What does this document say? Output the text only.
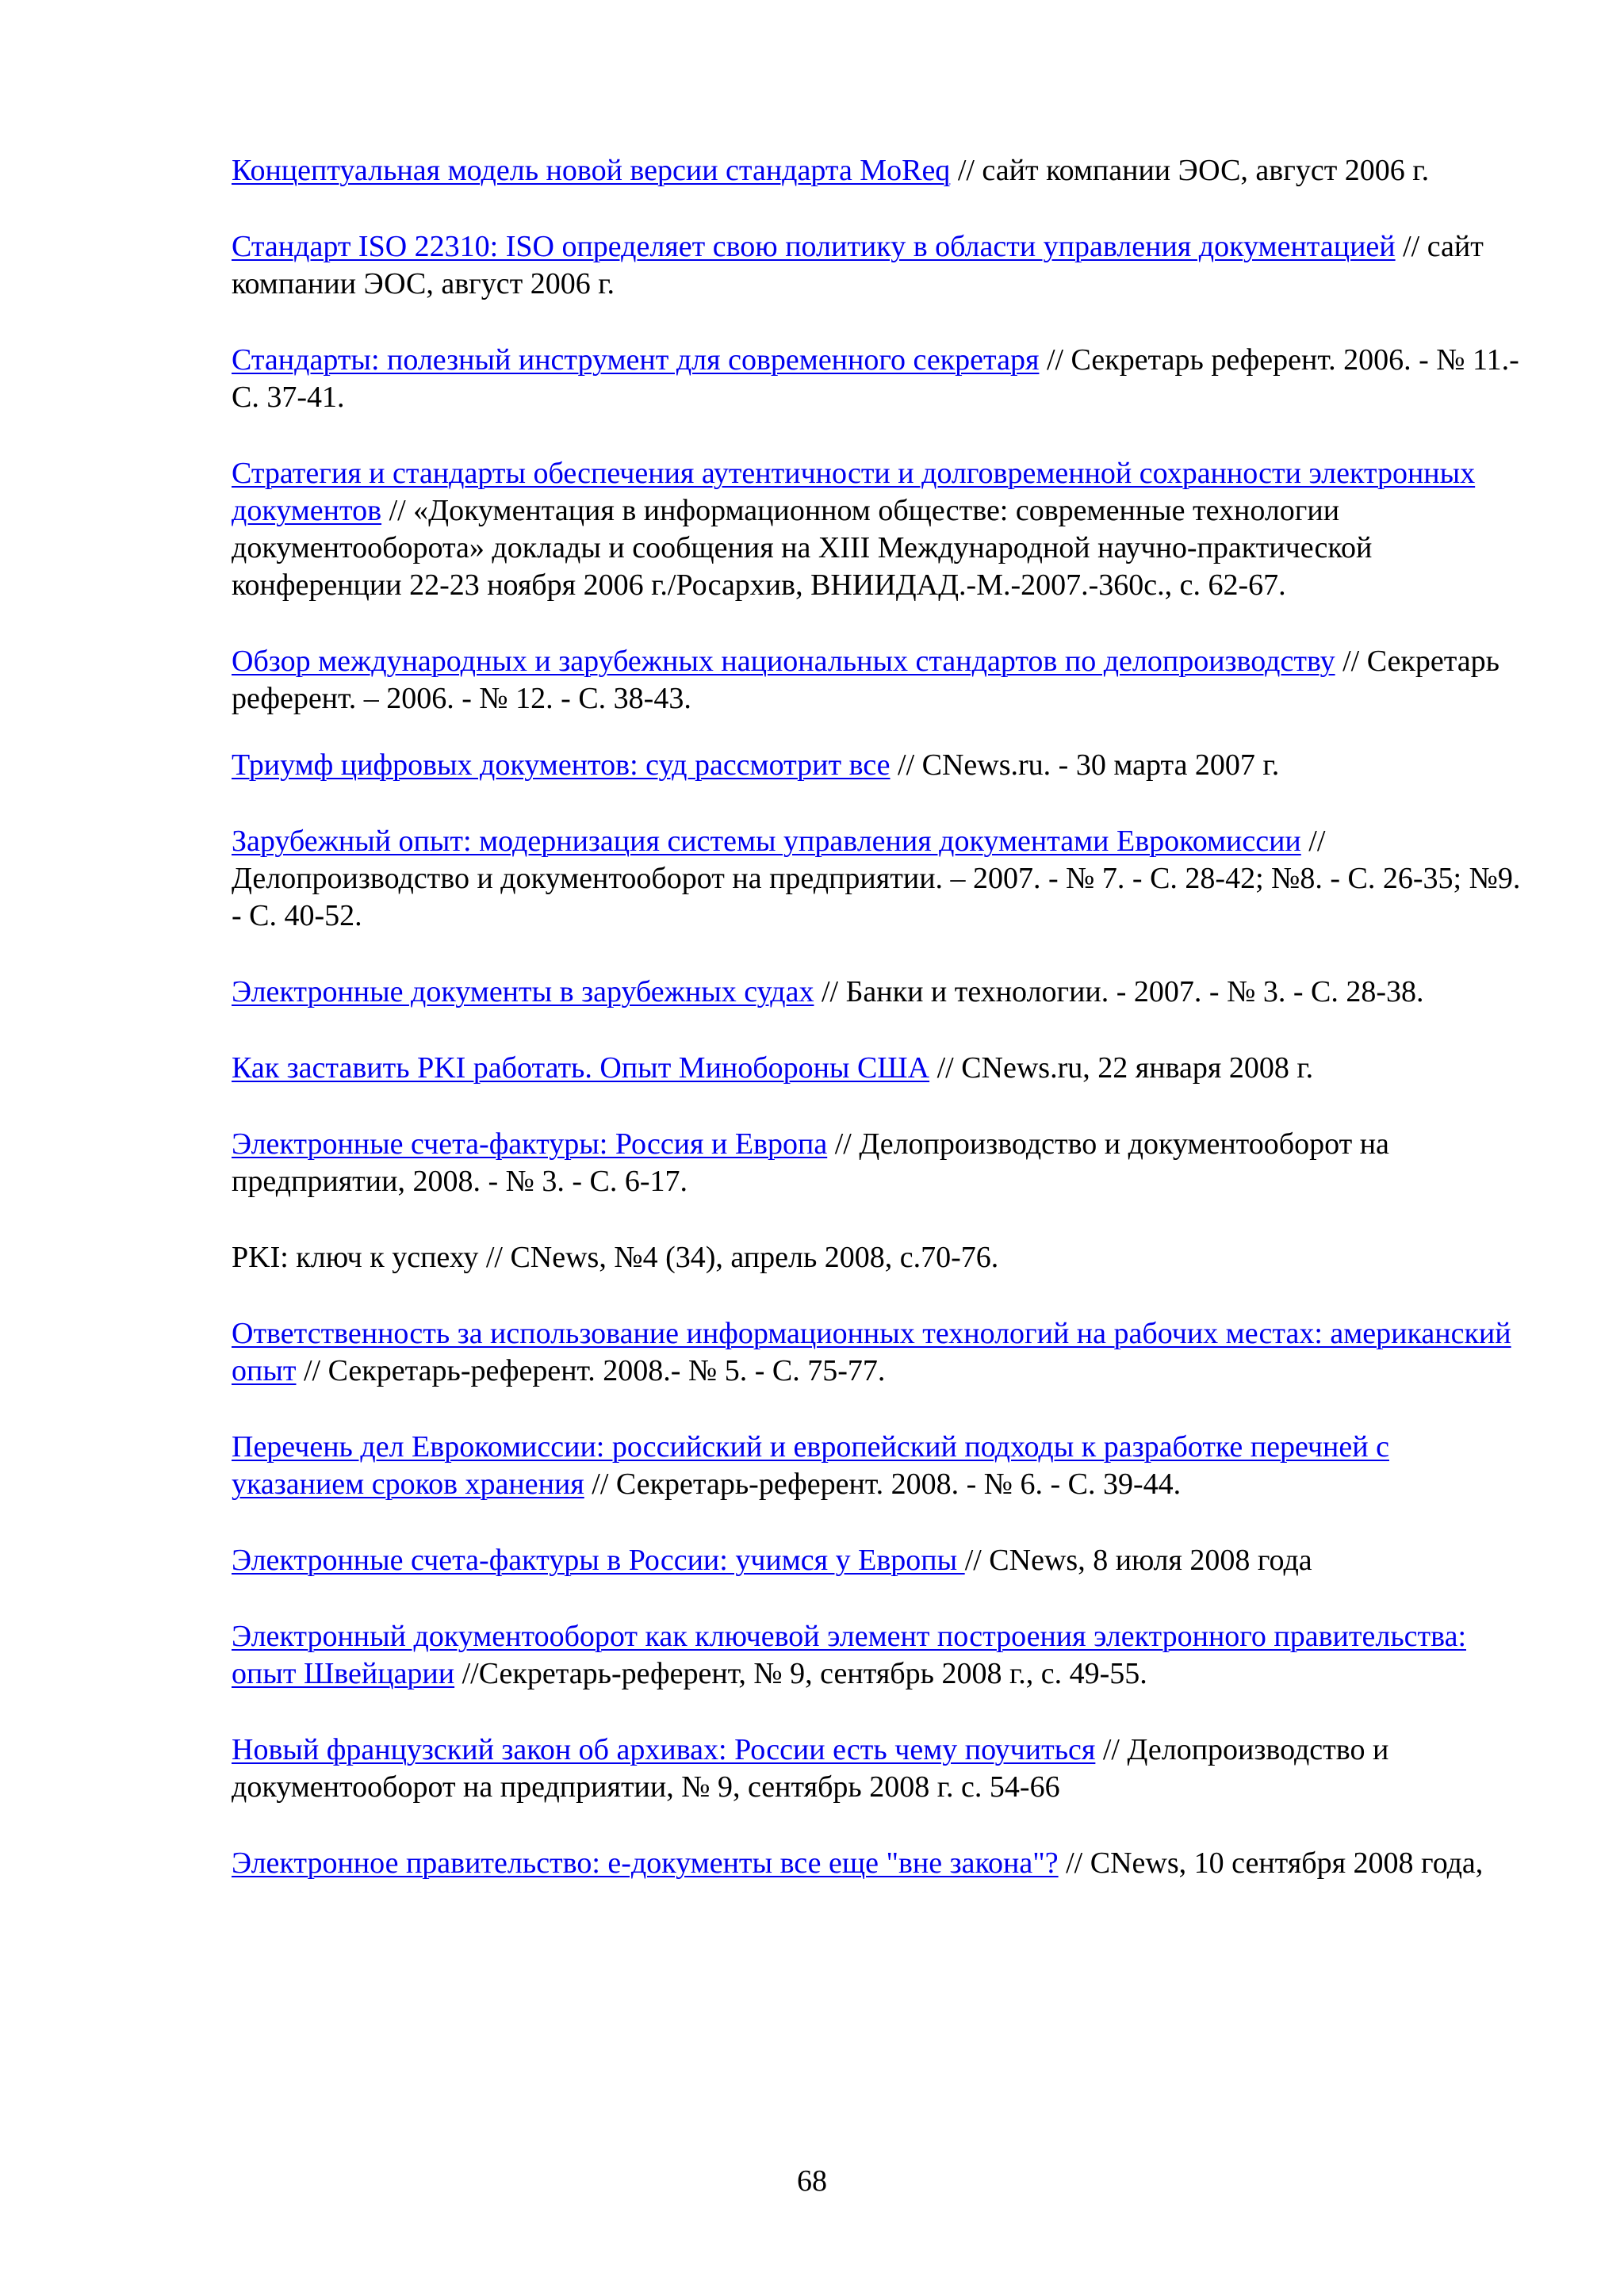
Концептуальная модель новой версии стандарта MoReq // сайт компании ЭОС, август 2006 г.

Стандарт ISO 22310: ISO определяет свою политику в области управления документацией // сайт компании ЭОС, август 2006 г.

Стандарты: полезный инструмент для современного секретаря // Секретарь референт. 2006. - № 11.- С. 37-41.

Стратегия и стандарты обеспечения аутентичности и долговременной сохранности электронных документов // «Документация в информационном обществе: современные технологии документооборота» доклады и сообщения на XIII Международной научно-практической конференции 22-23 ноября 2006 г./Росархив, ВНИИДАД.-М.-2007.-360с., с. 62-67.

Обзор международных и зарубежных национальных стандартов по делопроизводству // Секретарь референт. – 2006. - № 12. - С. 38-43.

Триумф цифровых документов: суд рассмотрит все // CNews.ru. - 30 марта 2007 г.

Зарубежный опыт: модернизация системы управления документами Еврокомиссии // Делопроизводство и документооборот на предприятии. – 2007. - № 7. - С. 28-42; №8. - С. 26-35; №9. - С. 40-52.

Электронные документы в зарубежных судах // Банки и технологии. - 2007. - № 3. - С. 28-38.

Как заставить PKI работать. Опыт Минобороны США // CNews.ru, 22 января 2008 г.

Электронные счета-фактуры: Россия и Европа // Делопроизводство и документооборот на предприятии, 2008. - № 3. - С. 6-17.

PKI: ключ к успеху // CNews, №4 (34), апрель 2008, с.70-76.

Ответственность за использование информационных технологий на рабочих местах: американский опыт // Секретарь-референт. 2008.- № 5. - С. 75-77.

Перечень дел Еврокомиссии: российский и европейский подходы к разработке перечней с указанием сроков хранения // Секретарь-референт. 2008. - № 6. - С. 39-44.

Электронные счета-фактуры в России: учимся у Европы // CNews, 8 июля 2008 года

Электронный документооборот как ключевой элемент построения электронного правительства: опыт Швейцарии //Секретарь-референт, № 9, сентябрь 2008 г., с. 49-55.

Новый французский закон об архивах: России есть чему поучиться // Делопроизводство и документооборот на предприятии, № 9, сентябрь 2008 г. с. 54-66

Электронное правительство: е-документы все еще "вне закона"? // CNews, 10 сентября 2008 года,

68
